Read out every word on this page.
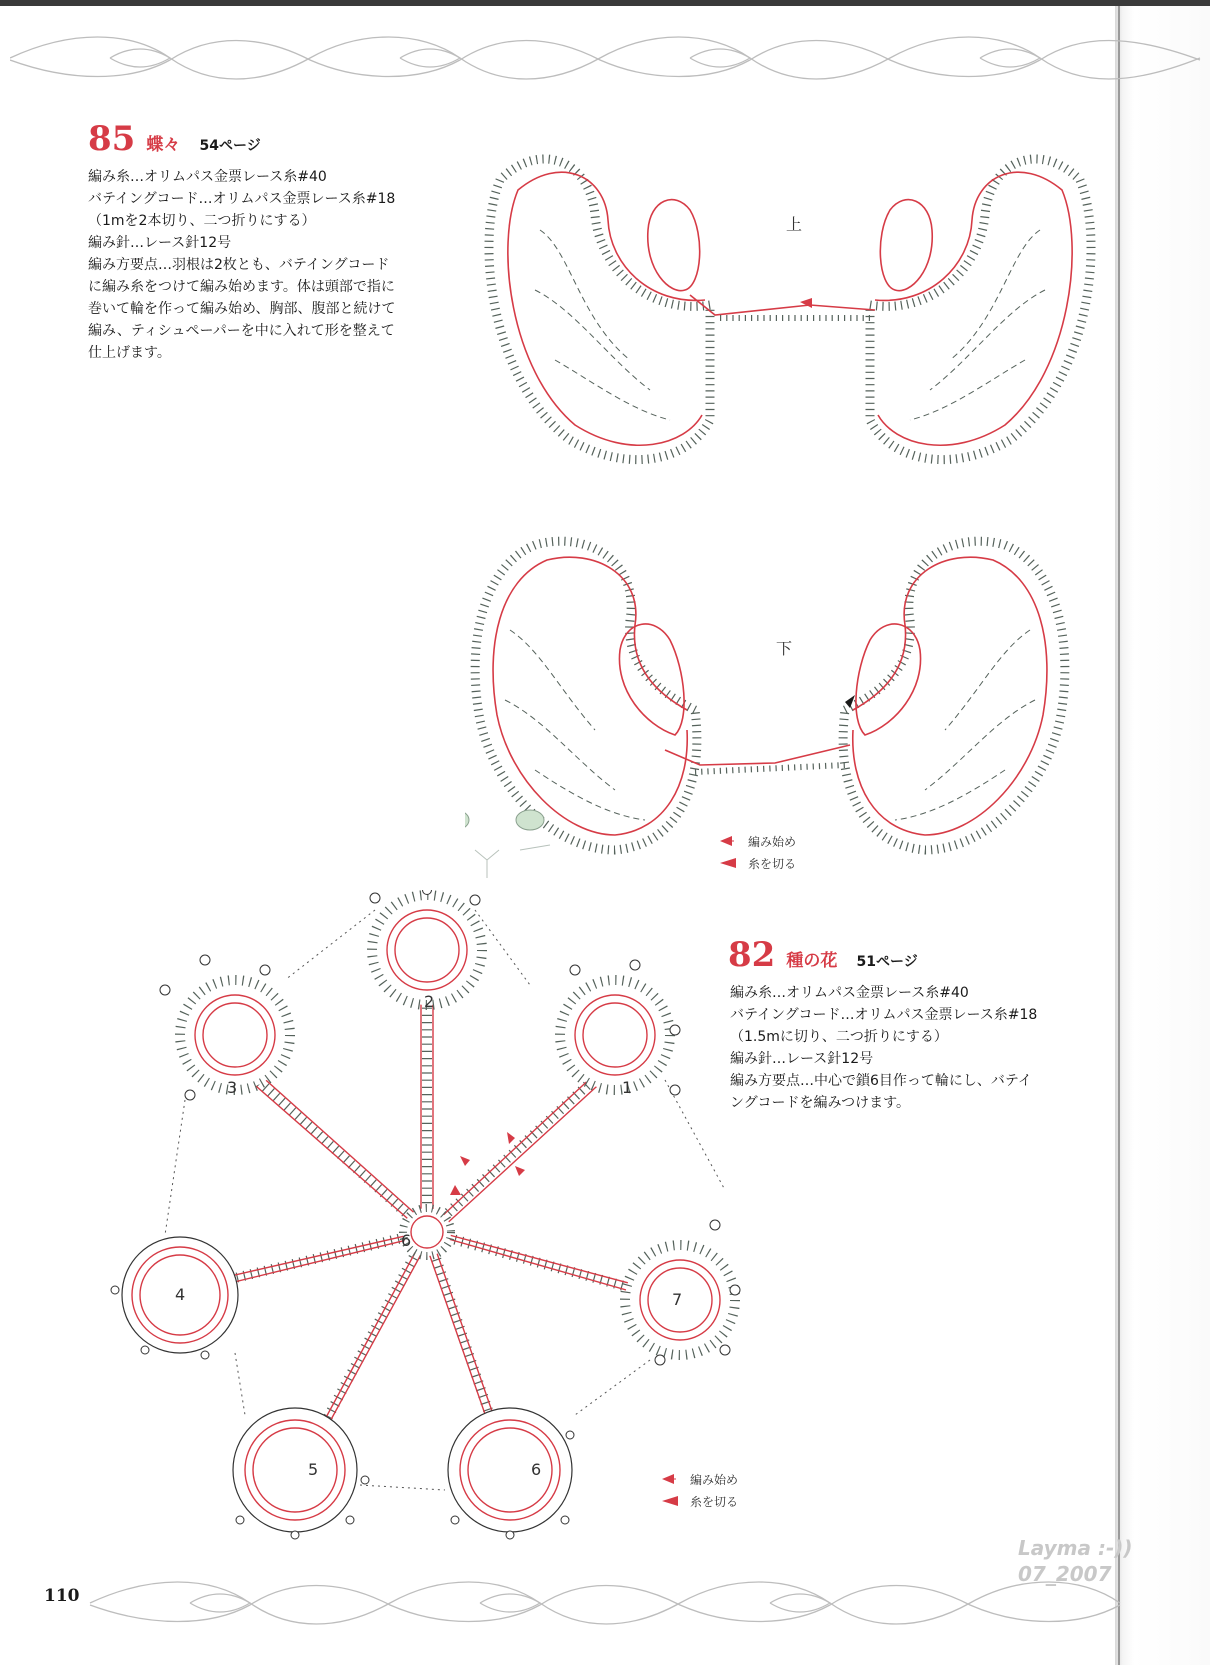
85 蝶々 54ページ
編み糸…オリムパス金票レース糸#40
バテイングコード…オリムパス金票レース糸#18
（1mを2本切り、二つ折りにする）
編み針…レース針12号
編み方要点…羽根は2枚とも、バテイングコード
に編み糸をつけて編み始めます。体は頭部で指に
巻いて輪を作って編み始め、胸部、腹部と続けて
編み、ティシュペーパーを中に入れて形を整えて
仕上げます。
上
下
編み始め
糸を切る
82 種の花 51ページ
編み糸…オリムパス金票レース糸#40
バテイングコード…オリムパス金票レース糸#18
（1.5mに切り、二つ折りにする）
編み針…レース針12号
編み方要点…中心で鎖6目作って輪にし、バテイ
ングコードを編みつけます。
6
1
2
3
4	7
5	6
編み始め
糸を切る
110
Layma :-))
07_2007
